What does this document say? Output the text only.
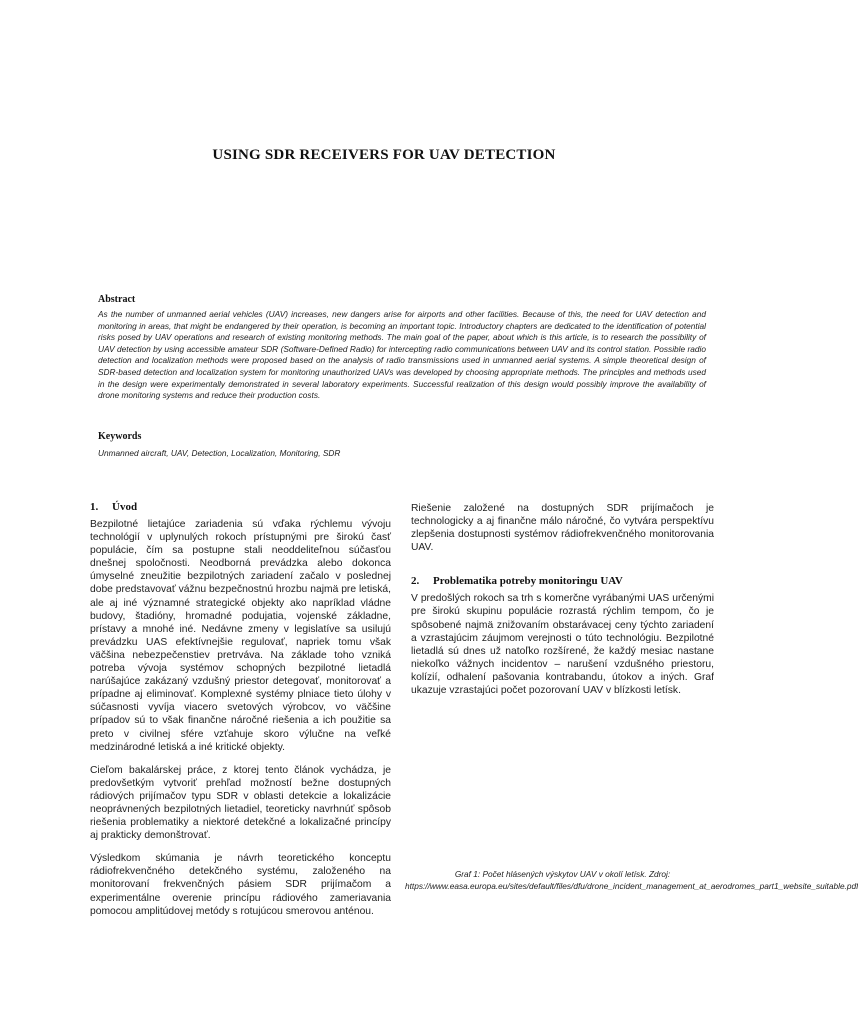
USING SDR RECEIVERS FOR UAV DETECTION
Abstract
As the number of unmanned aerial vehicles (UAV) increases, new dangers arise for airports and other facilities. Because of this, the need for UAV detection and monitoring in areas, that might be endangered by their operation, is becoming an important topic. Introductory chapters are dedicated to the identification of potential risks posed by UAV operations and research of existing monitoring methods. The main goal of the paper, about which is this article, is to research the possibility of UAV detection by using accessible amateur SDR (Software-Defined Radio) for intercepting radio communications between UAV and its control station. Possible radio detection and localization methods were proposed based on the analysis of radio transmissions used in unmanned aerial systems. A simple theoretical design of SDR-based detection and localization system for monitoring unauthorized UAVs was developed by choosing appropriate methods. The principles and methods used in the design were experimentally demonstrated in several laboratory experiments. Successful realization of this design would possibly improve the availability of drone monitoring systems and reduce their production costs.
Keywords
Unmanned aircraft, UAV, Detection, Localization, Monitoring, SDR
1. Úvod

Bezpilotné lietajúce zariadenia sú vďaka rýchlemu vývoju technológií v uplynulých rokoch prístupnými pre širokú časť populácie, čím sa postupne stali neoddeliteľnou súčasťou dnešnej spoločnosti. Neodborná prevádzka alebo dokonca úmyselné zneužitie bezpilotných zariadení začalo v poslednej dobe predstavovať vážnu bezpečnostnú hrozbu najmä pre letiská, ale aj iné významné strategické objekty ako napríklad vládne budovy, štadióny, hromadné podujatia, vojenské základne, prístavy a mnohé iné. Nedávne zmeny v legislatíve sa usilujú prevádzku UAS efektívnejšie regulovať, napriek tomu však väčšina nebezpečenstiev pretrváva. Na základe toho vzniká potreba vývoja systémov schopných bezpilotné lietadlá narúšajúce zakázaný vzdušný priestor detegovať, monitorovať a prípadne aj eliminovať. Komplexné systémy plniace tieto úlohy v súčasnosti vyvíja viacero svetových výrobcov, vo väčšine prípadov sú to však finančne náročné riešenia a ich použitie sa preto v civilnej sfére vzťahuje skoro výlučne na veľké medzinárodné letiská a iné kritické objekty.

Cieľom bakalárskej práce, z ktorej tento článok vychádza, je predovšetkým vytvoriť prehľad možností bežne dostupných rádiových prijímačov typu SDR v oblasti detekcie a lokalizácie neoprávnených bezpilotných lietadiel, teoreticky navrhnúť spôsob riešenia problematiky a niektoré detekčné a lokalizačné princípy aj prakticky demonštrovať.

Výsledkom skúmania je návrh teoretického konceptu rádiofrekvenčného detekčného systému, založeného na monitorovaní frekvenčných pásiem SDR prijímačom a experimentálne overenie princípu rádiového zameriavania pomocou amplitúdovej metódy s rotujúcou smerovou anténou.

Riešenie založené na dostupných SDR prijímačoch je technologicky a aj finančne málo náročné, čo vytvára perspektívu zlepšenia dostupnosti systémov rádiofrekvenčného monitorovania UAV.

2. Problematika potreby monitoringu UAV

V predošlých rokoch sa trh s komerčne vyrábanými UAS určenými pre širokú skupinu populácie rozrastá rýchlim tempom, čo je spôsobené najmä znižovaním obstarávacej ceny týchto zariadení a vzrastajúcim záujmom verejnosti o túto technológiu. Bezpilotné lietadlá sú dnes už natoľko rozšírené, že každý mesiac nastane niekoľko vážnych incidentov – narušení vzdušného priestoru, kolízií, odhalení pašovania kontrabandu, útokov a iných. Graf ukazuje vzrastajúci počet pozorovaní UAV v blízkosti letísk.

Graf 1: Počet hlásených výskytov UAV v okolí letísk. Zdroj: https://www.easa.europa.eu/sites/default/files/dfu/drone_incident_management_at_aerodromes_part1_website_suitable.pdf
